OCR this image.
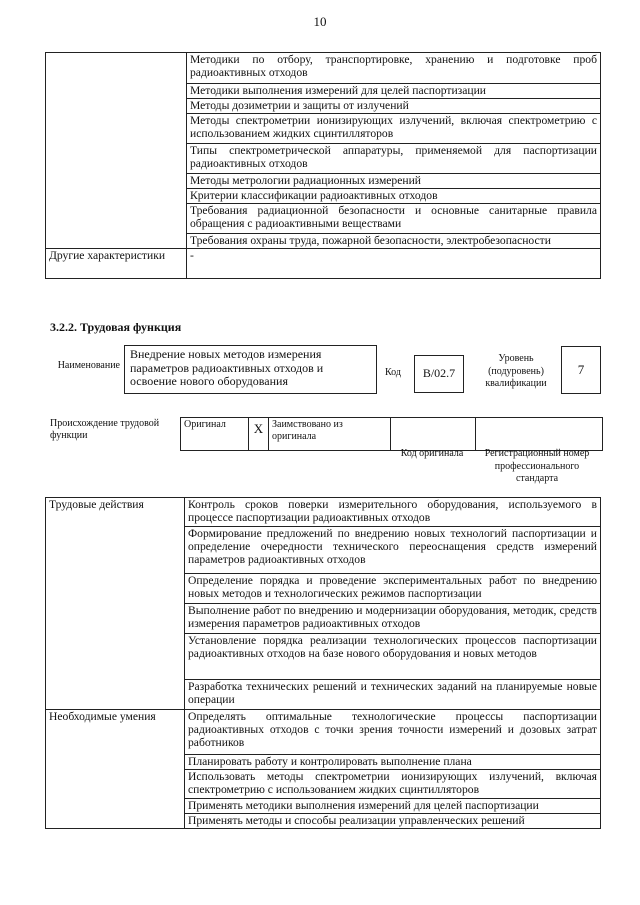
10
	Методики по отбору, транспортировке, хранению и подготовке проб радиоактивных отходов
	Методики выполнения измерений для целей паспортизации
	Методы дозиметрии и защиты от излучений
	Методы спектрометрии ионизирующих излучений, включая спектрометрию с использованием жидких сцинтилляторов
	Типы спектрометрической аппаратуры, применяемой для паспортизации радиоактивных отходов
	Методы метрологии радиационных измерений
	Критерии классификации радиоактивных отходов
	Требования радиационной безопасности и основные санитарные правила обращения с радиоактивными веществами
	Требования охраны труда, пожарной безопасности, электробезопасности
Другие характеристики	-
3.2.2. Трудовая функция
Наименование
Внедрение новых методов измерения параметров радиоактивных отходов и освоение нового оборудования
Код	B/02.7
Уровень (подуровень) квалификации
7
Происхождение трудовой функции
Оригинал	X	Заимствовано из оригинала		
Код оригинала	Регистрационный номер профессионального стандарта
Трудовые действия	Контроль сроков поверки измерительного оборудования, используемого в процессе паспортизации радиоактивных отходов
	Формирование предложений по внедрению новых технологий паспортизации и определение очередности технического переоснащения средств измерений параметров радиоактивных отходов
	Определение порядка и проведение экспериментальных работ по внедрению новых методов и технологических режимов паспортизации
	Выполнение работ по внедрению и модернизации оборудования, методик, средств измерения параметров радиоактивных отходов
	Установление порядка реализации технологических процессов паспортизации радиоактивных отходов на базе нового оборудования и новых методов
	Разработка технических решений и технических заданий на планируемые новые операции
Необходимые умения	Определять оптимальные технологические процессы паспортизации радиоактивных отходов с точки зрения точности измерений и дозовых затрат работников
	Планировать работу и контролировать выполнение плана
	Использовать методы спектрометрии ионизирующих излучений, включая спектрометрию с использованием жидких сцинтилляторов
	Применять методики выполнения измерений для целей паспортизации
	Применять методы и способы реализации управленческих решений
